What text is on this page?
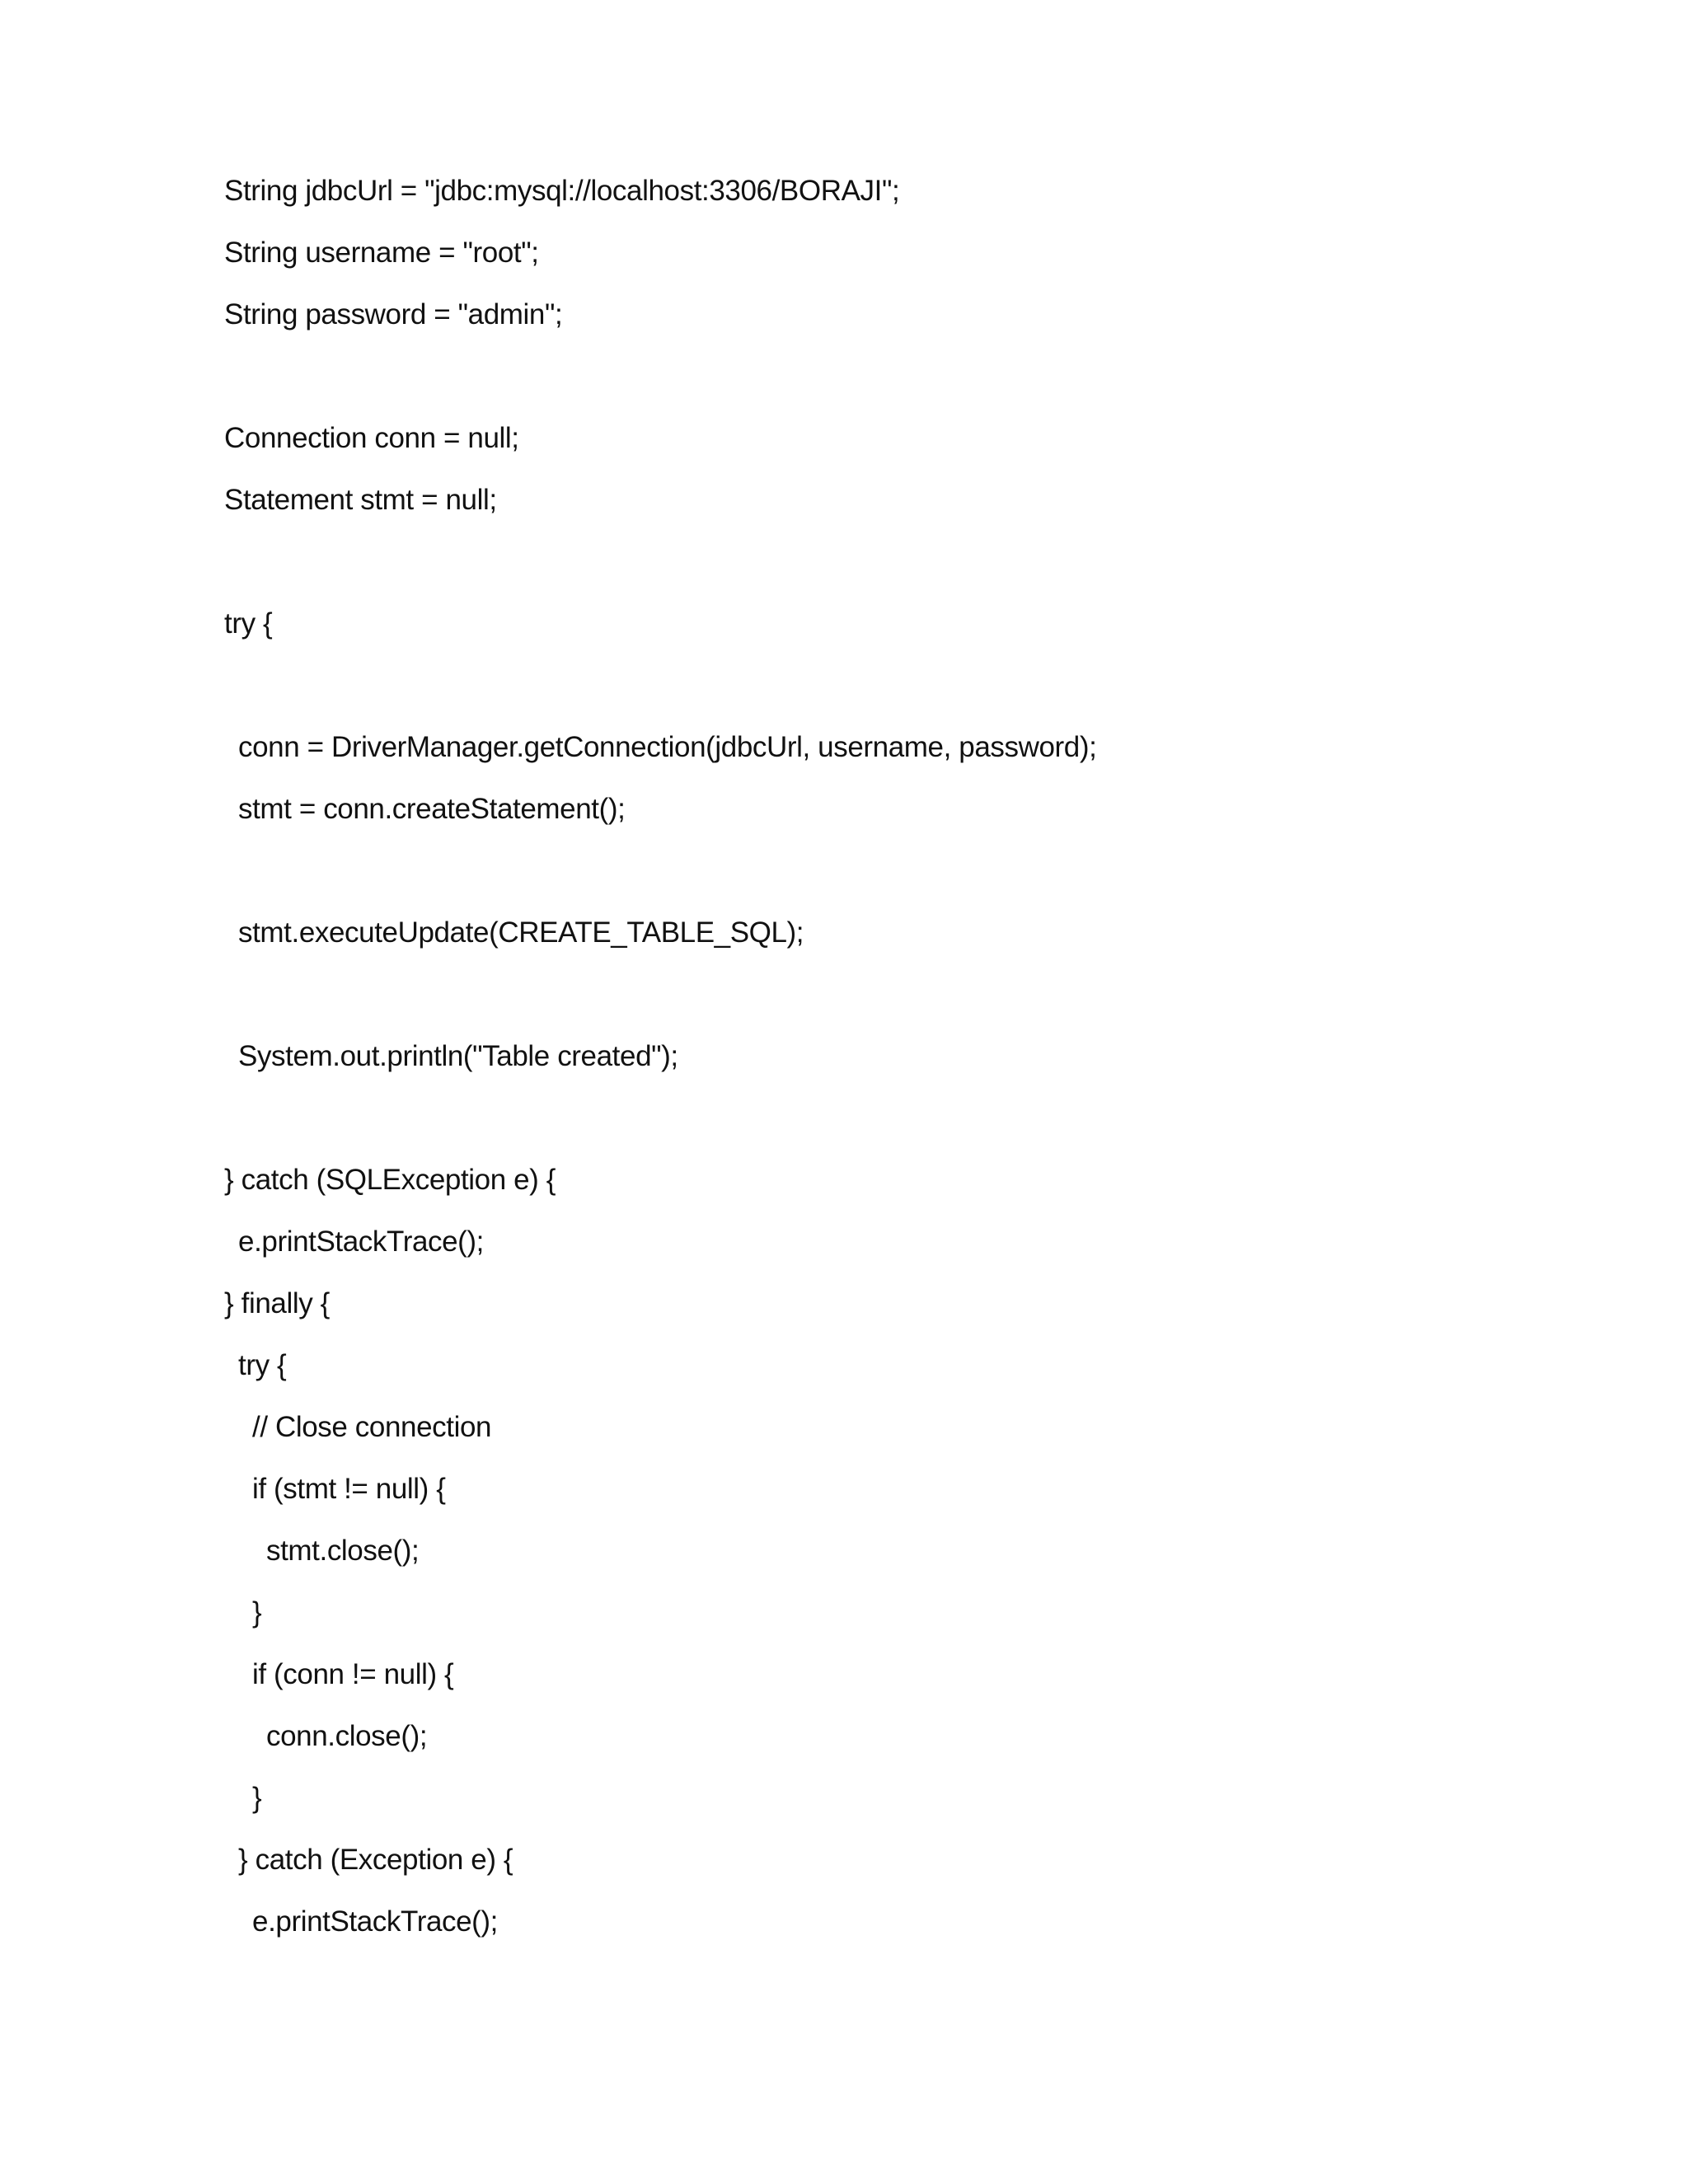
String jdbcUrl = "jdbc:mysql://localhost:3306/BORAJI";
String username = "root";
String password = "admin";
Connection conn = null;
Statement stmt = null;
try {
conn = DriverManager.getConnection(jdbcUrl, username, password);
stmt = conn.createStatement();
stmt.executeUpdate(CREATE_TABLE_SQL);
System.out.println("Table created");
} catch (SQLException e) {
e.printStackTrace();
} finally {
try {
// Close connection
if (stmt != null) {
stmt.close();
}
if (conn != null) {
conn.close();
}
} catch (Exception e) {
e.printStackTrace();
